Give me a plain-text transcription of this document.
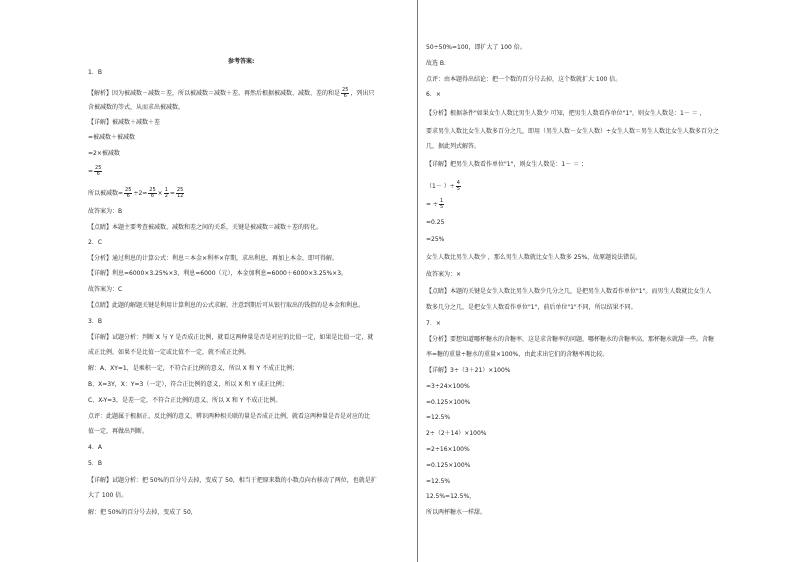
参考答案:
1．B
【解析】因为被减数－减数＝差，所以被减数＝减数＋差。再然后根据被减数、减数、差的和是 $\frac{25}{6}$ ，列出只
含被减数的等式，从而求出被减数。
【详解】被减数＋减数＋差
=被减数＋被减数
=2×被减数
= $\frac{25}{6}$
所以被减数= $\frac{25}{6} \div 2= \frac{25}{6} \times \frac{1}{2} = \frac{25}{12}$
故答案为：B
【点睛】本题主要考查被减数、减数和差之间的关系，关键是被减数＝减数＋差的转化。
2．C
【分析】通过利息的计算公式：利息＝本金×利率×存期，求出利息，再加上本金，即可得解。
【详解】利息=6000×3.25%×3，利息=6000（元），本金加利息=6000＋6000×3.25%×3。
故答案为：C
【点睛】此题的解题关键是利用计算利息的公式求解，注意到期后可从银行取出的钱指的是本金和利息。
3．B
【详解】试题分析：判断 X 与 Y 是否成正比例，就看这两种量是否是对应的比值一定，如果是比值一定，就
成正比例，如果不是比值一定或比值不一定，就不成正比例。
解：A、XY=1，是乘积一定，不符合正比例的意义，所以 X 和 Y 不成正比例；
B、X=3Y，X：Y=3（一定），符合正比例的意义，所以 X 和 Y 成正比例；
C、X-Y=3，是差一定，不符合正比例的意义，所以 X 和 Y 不成正比例。
点评：此题属于根据正、反比例的意义，辨识两种相关联的量是否成正比例，就看这两种量是否是对应的比
值一定，再做出判断。
4．A
5．B
【详解】试题分析：把 50%的百分号去掉，变成了 50，相当于把原来数的小数点向右移动了两位，也就是扩
大了 100 倍。
解：把 50%的百分号去掉，变成了 50，
50÷50%=100，即扩大了 100 倍。
故选 B．
点评：由本题得出结论：把一个数的百分号去掉，这个数就扩大 100 倍。
6．×
【分析】根据条件"如果女生人数比男生人数少 可知，把男生人数看作单位"1"，则女生人数是：1－ ＝ ，
要求男生人数比女生人数多百分之几，即用（男生人数－女生人数）÷女生人数＝男生人数比女生人数多百分之
几，据此列式解答。
【详解】把男生人数看作单位"1"，则女生人数是：1－ ＝ ；
（1－ ）÷ $\frac{4}{5}$
= ÷ $\frac{1}{5}$
=0.25
=25%
女生人数比男生人数少 ，那么男生人数就比女生人数多 25%，故原题说法错误。
故答案为：×
【点睛】本题的关键是女生人数比男生人数少几分之几，是把男生人数看作单位"1"。而男生人数就比女生人
数多几分之几，是把女生人数看作单位"1"，前后单位"1"不同，所以结果不同。
7．×
【分析】要想知道哪杯糖水的含糖率，这是求含糖率的问题，哪杯糖水的含糖率高，那杯糖水就甜一些。含糖
率=糖的重量÷糖水的重量×100%，由此求出它们的含糖率再比较。
【详解】3÷（3＋21）×100%
=3÷24×100%
=0.125×100%
=12.5%
2÷（2＋14）×100%
=2÷16×100%
=0.125×100%
=12.5%
12.5%=12.5%，
所以两杯糖水一样甜。
